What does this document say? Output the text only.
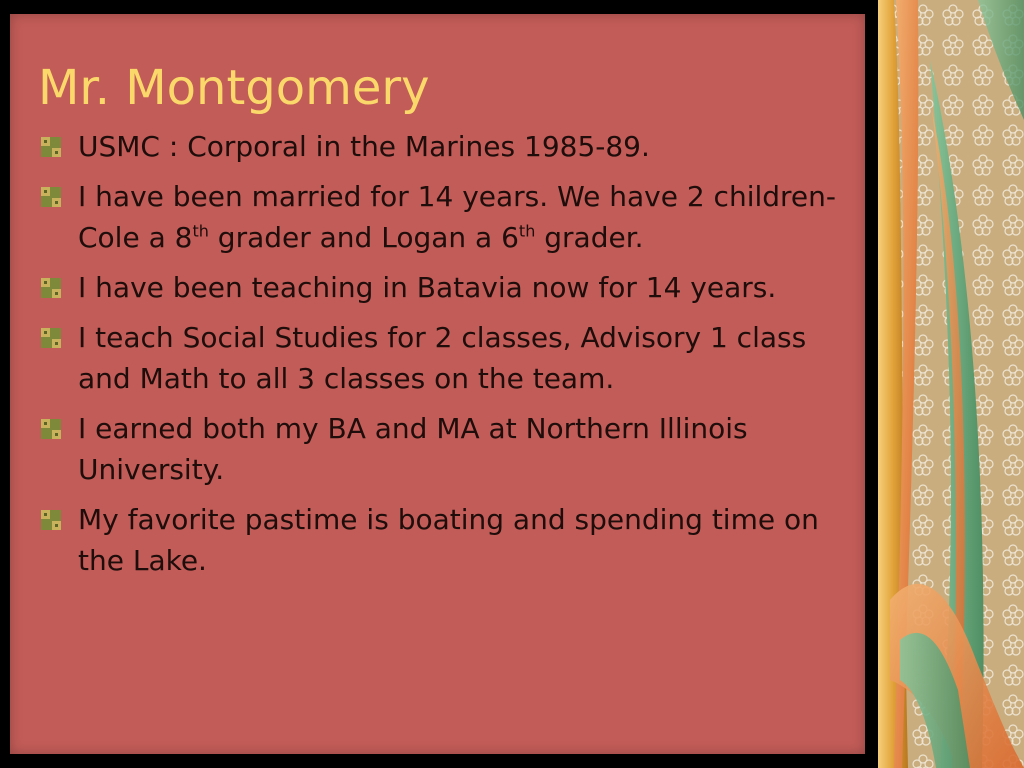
Mr. Montgomery
USMC : Corporal in the Marines 1985-89.
I have been married for 14 years. We have 2 children- Cole a 8th grader and Logan a 6th grader.
I have been teaching in Batavia now for 14 years.
I teach Social Studies for 2 classes, Advisory 1 class and Math to all 3 classes on the team.
I earned both my BA and MA at Northern Illinois University.
My favorite pastime is boating and spending time on the Lake.
